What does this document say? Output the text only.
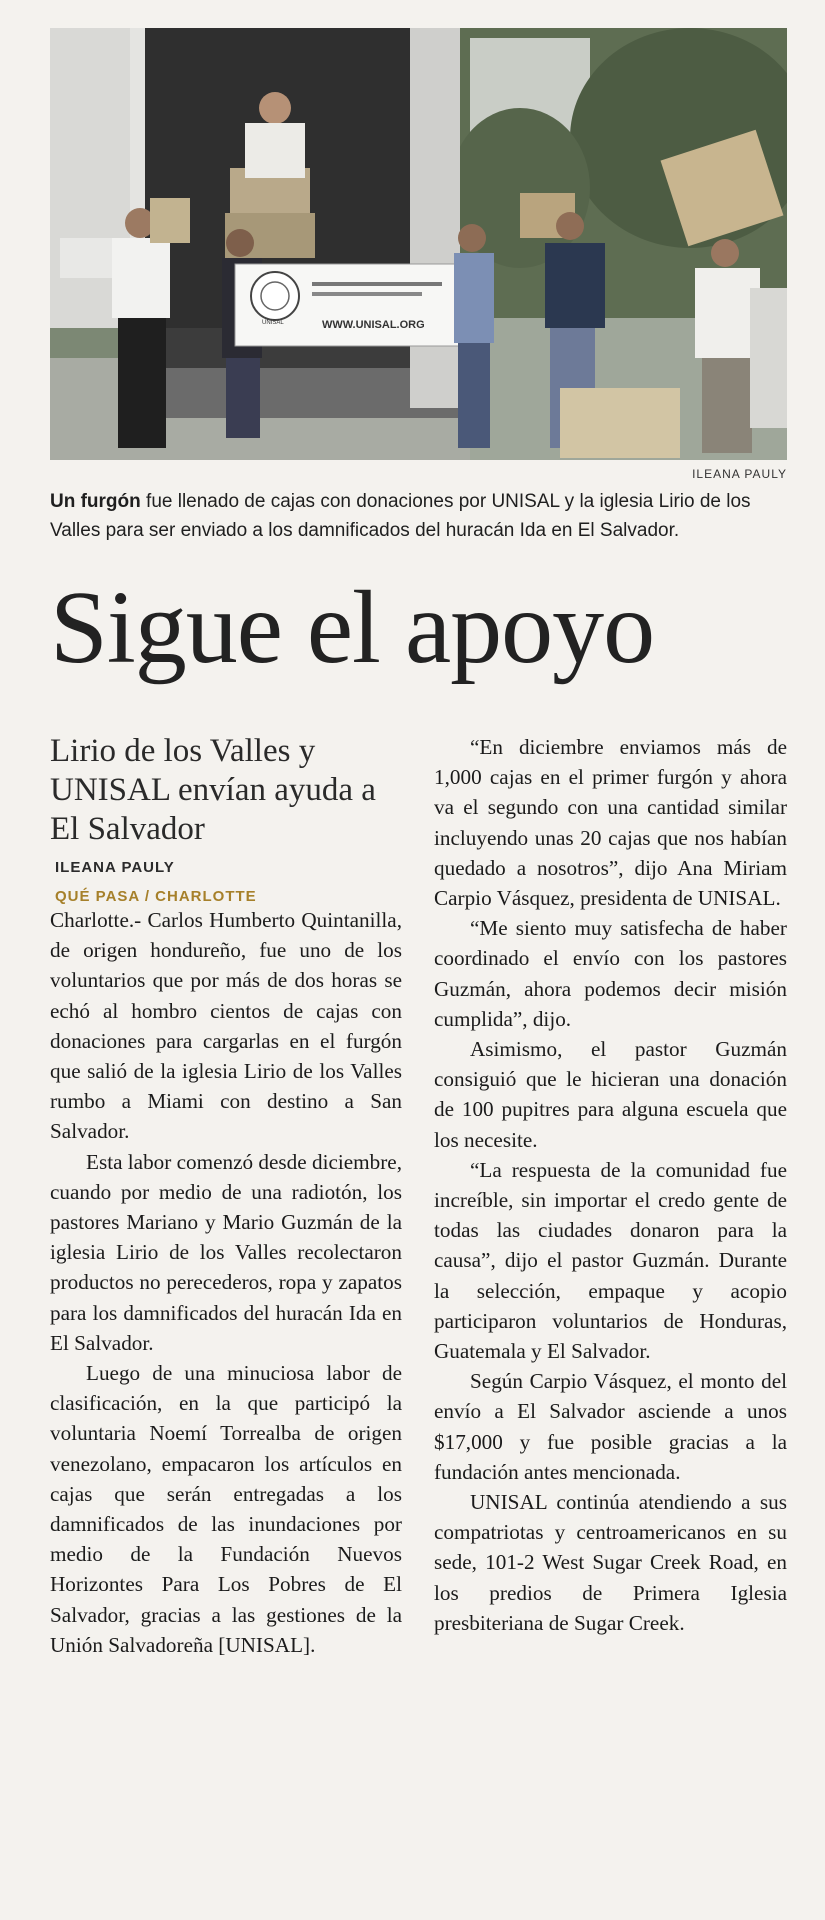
WWW.UNISAL.ORG
UNISAL
ILEANA PAULY
Un furgón fue llenado de cajas con donaciones por UNISAL y la iglesia Lirio de los Valles para ser enviado a los damnificados del huracán Ida en El Salvador.
Sigue el apoyo
Lirio de los Valles y UNISAL envían ayuda a El Salvador
ILEANA PAULY
QUÉ PASA / CHARLOTTE

Charlotte.- Carlos Humberto Quintanilla, de origen hondureño, fue uno de los voluntarios que por más de dos horas se echó al hombro cientos de cajas con donaciones para cargarlas en el furgón que salió de la iglesia Lirio de los Valles rumbo a Miami con destino a San Salvador.

Esta labor comenzó desde diciembre, cuando por medio de una radiotón, los pastores Mariano y Mario Guzmán de la iglesia Lirio de los Valles recolectaron productos no perecederos, ropa y zapatos para los damnificados del huracán Ida en El Salvador.

Luego de una minuciosa labor de clasificación, en la que participó la voluntaria Noemí Torrealba de origen venezolano, empacaron los artículos en cajas que serán entregadas a los damnificados de las inundaciones por medio de la Fundación Nuevos Horizontes Para Los Pobres de El Salvador, gracias a las gestiones de la Unión Salvadoreña [UNISAL].

“En diciembre enviamos más de 1,000 cajas en el primer furgón y ahora va el segundo con una cantidad similar incluyendo unas 20 cajas que nos habían quedado a nosotros”, dijo Ana Miriam Carpio Vásquez, presidenta de UNISAL.

“Me siento muy satisfecha de haber coordinado el envío con los pastores Guzmán, ahora podemos decir misión cumplida”, dijo.

Asimismo, el pastor Guzmán consiguió que le hicieran una donación de 100 pupitres para alguna escuela que los necesite.

“La respuesta de la comunidad fue increíble, sin importar el credo gente de todas las ciudades donaron para la causa”, dijo el pastor Guzmán. Durante la selección, empaque y acopio participaron voluntarios de Honduras, Guatemala y El Salvador.

Según Carpio Vásquez, el monto del envío a El Salvador asciende a unos $17,000 y fue posible gracias a la fundación antes mencionada.

UNISAL continúa atendiendo a sus compatriotas y centroamericanos en su sede, 101-2 West Sugar Creek Road, en los predios de Primera Iglesia presbiteriana de Sugar Creek.
